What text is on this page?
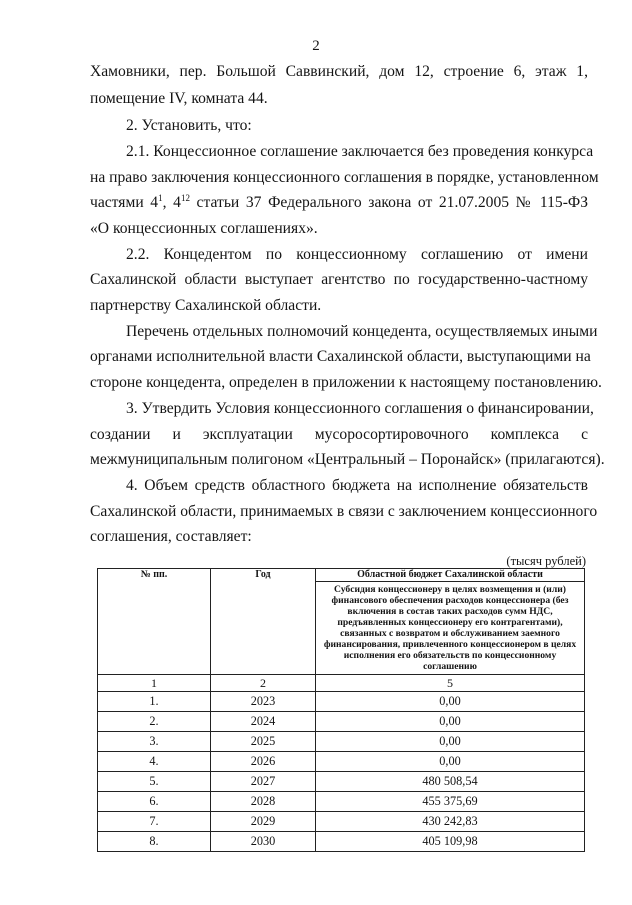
2
Хамовники, пер. Большой Саввинский, дом 12, строение 6, этаж 1,
помещение IV, комната 44.
2. Установить, что:
2.1. Концессионное соглашение заключается без проведения конкурса
на право заключения концессионного соглашения в порядке, установленном
частями $4^1$, $4^{12}$ статьи 37 Федерального закона от 21.07.2005 № 115-ФЗ
«О концессионных соглашениях».
2.2. Концедентом по концессионному соглашению от имени
Сахалинской области выступает агентство по государственно-частному
партнерству Сахалинской области.
Перечень отдельных полномочий концедента, осуществляемых иными
органами исполнительной власти Сахалинской области, выступающими на
стороне концедента, определен в приложении к настоящему постановлению.
3. Утвердить Условия концессионного соглашения о финансировании,
создании и эксплуатации мусоросортировочного комплекса с
межмуниципальным полигоном «Центральный – Поронайск» (прилагаются).
4. Объем средств областного бюджета на исполнение обязательств
Сахалинской области, принимаемых в связи с заключением концессионного
соглашения, составляет:
(тысяч рублей)
№ пп.	Год	Областной бюджет Сахалинской области
		Субсидия концессионеру в целях возмещения и (или) финансового обеспечения расходов концессионера (без включения в состав таких расходов сумм НДС, предъявленных концессионеру его контрагентами), связанных с возвратом и обслуживанием заемного финансирования, привлеченного концессионером в целях исполнения его обязательств по концессионному соглашению
1	2	5
1.	2023	0,00
2.	2024	0,00
3.	2025	0,00
4.	2026	0,00
5.	2027	480 508,54
6.	2028	455 375,69
7.	2029	430 242,83
8.	2030	405 109,98
